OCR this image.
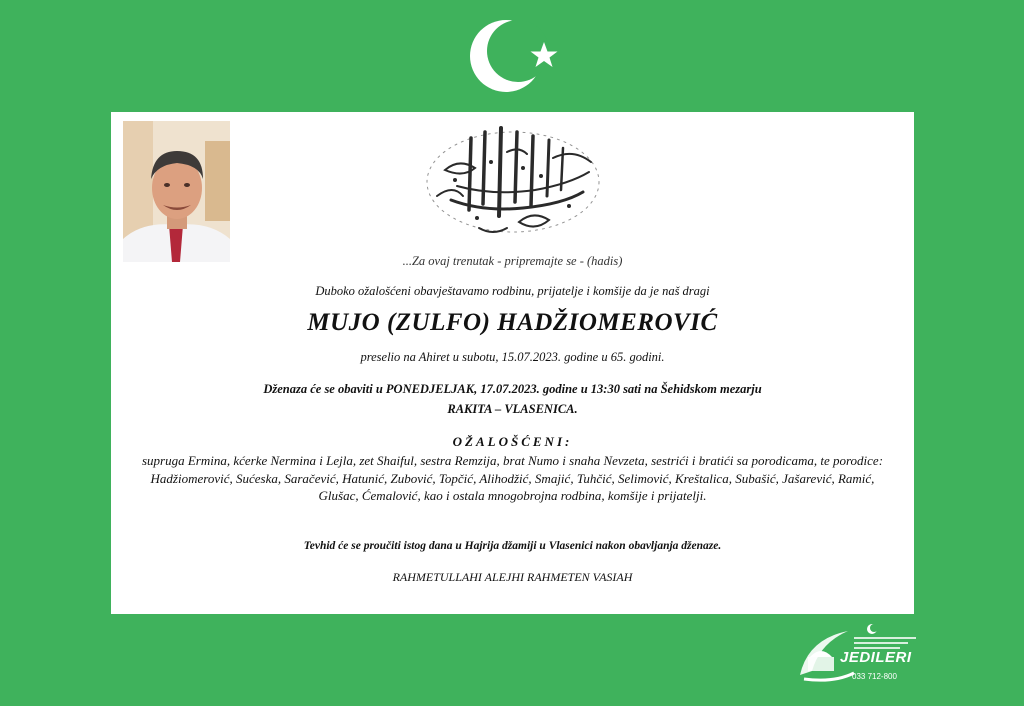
...Za ovaj trenutak - pripremajte se - (hadis)
Duboko ožalošćeni obavještavamo rodbinu, prijatelje i komšije da je naš dragi
MUJO (ZULFO) HADŽIOMEROVIĆ
preselio na Ahiret u subotu, 15.07.2023. godine u 65. godini.
Dženaza će se obaviti u PONEDJELJAK, 17.07.2023. godine u 13:30 sati na Šehidskom mezarju
RAKITA – VLASENICA.
OŽALOŠĆENI:
supruga Ermina, kćerke Nermina i Lejla, zet Shaiful, sestra Remzija, brat Numo i snaha Nevzeta, sestrići i bratići sa porodicama, te porodice: Hadžiomerović, Sućeska, Saračević, Hatunić, Zubović, Topčić, Alihodžić, Smajić, Tuhčić, Selimović, Kreštalica, Subašić, Jašarević, Ramić, Glušac, Ćemalović, kao i ostala mnogobrojna rodbina, komšije i prijatelji.
Tevhid će se proučiti istog dana u Hajrija džamiji u Vlasenici nakon obavljanja dženaze.
RAHMETULLAHI ALEJHI RAHMETEN VASIAH
JEDILERI
033 712-800
